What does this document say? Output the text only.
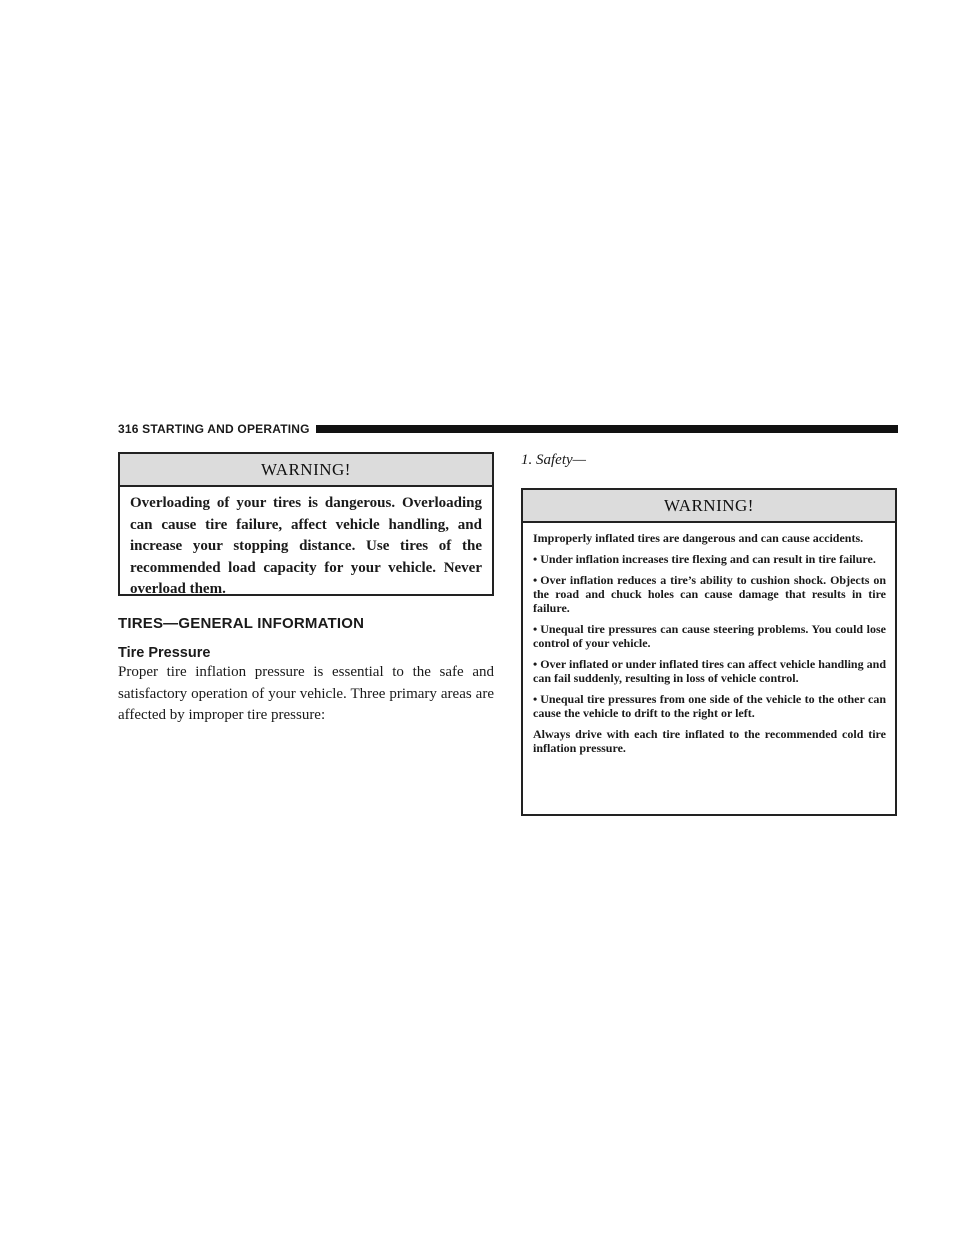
316 STARTING AND OPERATING
WARNING!
Overloading of your tires is dangerous. Overloading can cause tire failure, affect vehicle handling, and increase your stopping distance. Use tires of the recommended load capacity for your vehicle. Never overload them.
TIRES—GENERAL INFORMATION
Tire Pressure
Proper tire inflation pressure is essential to the safe and satisfactory operation of your vehicle. Three primary areas are affected by improper tire pressure:
1. Safety—
WARNING!

Improperly inflated tires are dangerous and can cause accidents.

• Under inflation increases tire flexing and can result in tire failure.

• Over inflation reduces a tire’s ability to cushion shock. Objects on the road and chuck holes can cause damage that results in tire failure.

• Unequal tire pressures can cause steering problems. You could lose control of your vehicle.

• Over inflated or under inflated tires can affect vehicle handling and can fail suddenly, resulting in loss of vehicle control.

• Unequal tire pressures from one side of the vehicle to the other can cause the vehicle to drift to the right or left.

Always drive with each tire inflated to the recommended cold tire inflation pressure.
